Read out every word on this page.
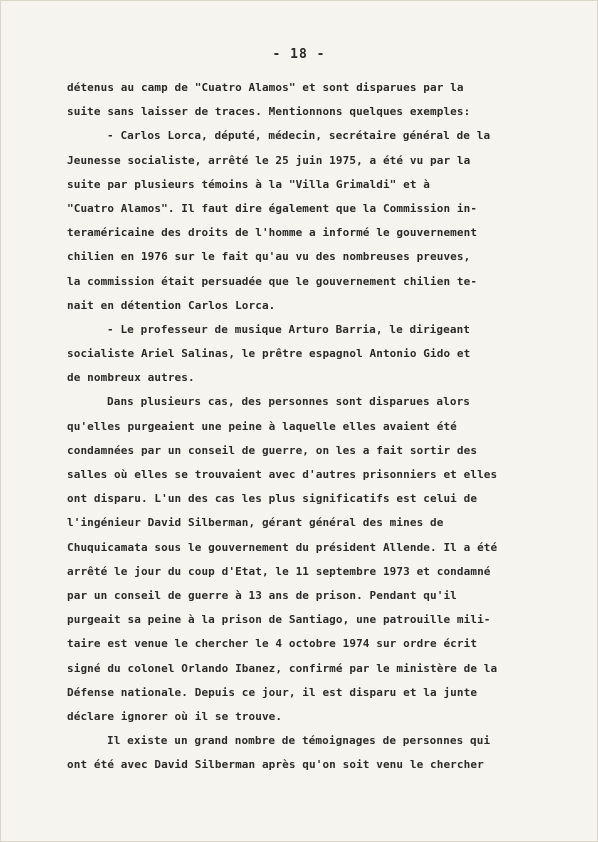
- 18 -
détenus au camp de "Cuatro Alamos" et sont disparues par la
suite sans laisser de traces. Mentionnons quelques exemples:
- Carlos Lorca, député, médecin, secrétaire général de la
Jeunesse socialiste, arrêté le 25 juin 1975, a été vu par la
suite par plusieurs témoins à la "Villa Grimaldi" et à
"Cuatro Alamos". Il faut dire également que la Commission in-
teraméricaine des droits de l'homme a informé le gouvernement
chilien en 1976 sur le fait qu'au vu des nombreuses preuves,
la commission était persuadée que le gouvernement chilien te-
nait en détention Carlos Lorca.
- Le professeur de musique Arturo Barria, le dirigeant
socialiste Ariel Salinas, le prêtre espagnol Antonio Gido et
de nombreux autres.
Dans plusieurs cas, des personnes sont disparues alors
qu'elles purgeaient une peine à laquelle elles avaient été
condamnées par un conseil de guerre, on les a fait sortir des
salles où elles se trouvaient avec d'autres prisonniers et elles
ont disparu. L'un des cas les plus significatifs est celui de
l'ingénieur David Silberman, gérant général des mines de
Chuquicamata sous le gouvernement du président Allende. Il a été
arrêté le jour du coup d'Etat, le 11 septembre 1973 et condamné
par un conseil de guerre à 13 ans de prison. Pendant qu'il
purgeait sa peine à la prison de Santiago, une patrouille mili-
taire est venue le chercher le 4 octobre 1974 sur ordre écrit
signé du colonel Orlando Ibanez, confirmé par le ministère de la
Défense nationale. Depuis ce jour, il est disparu et la junte
déclare ignorer où il se trouve.
Il existe un grand nombre de témoignages de personnes qui
ont été avec David Silberman après qu'on soit venu le chercher
